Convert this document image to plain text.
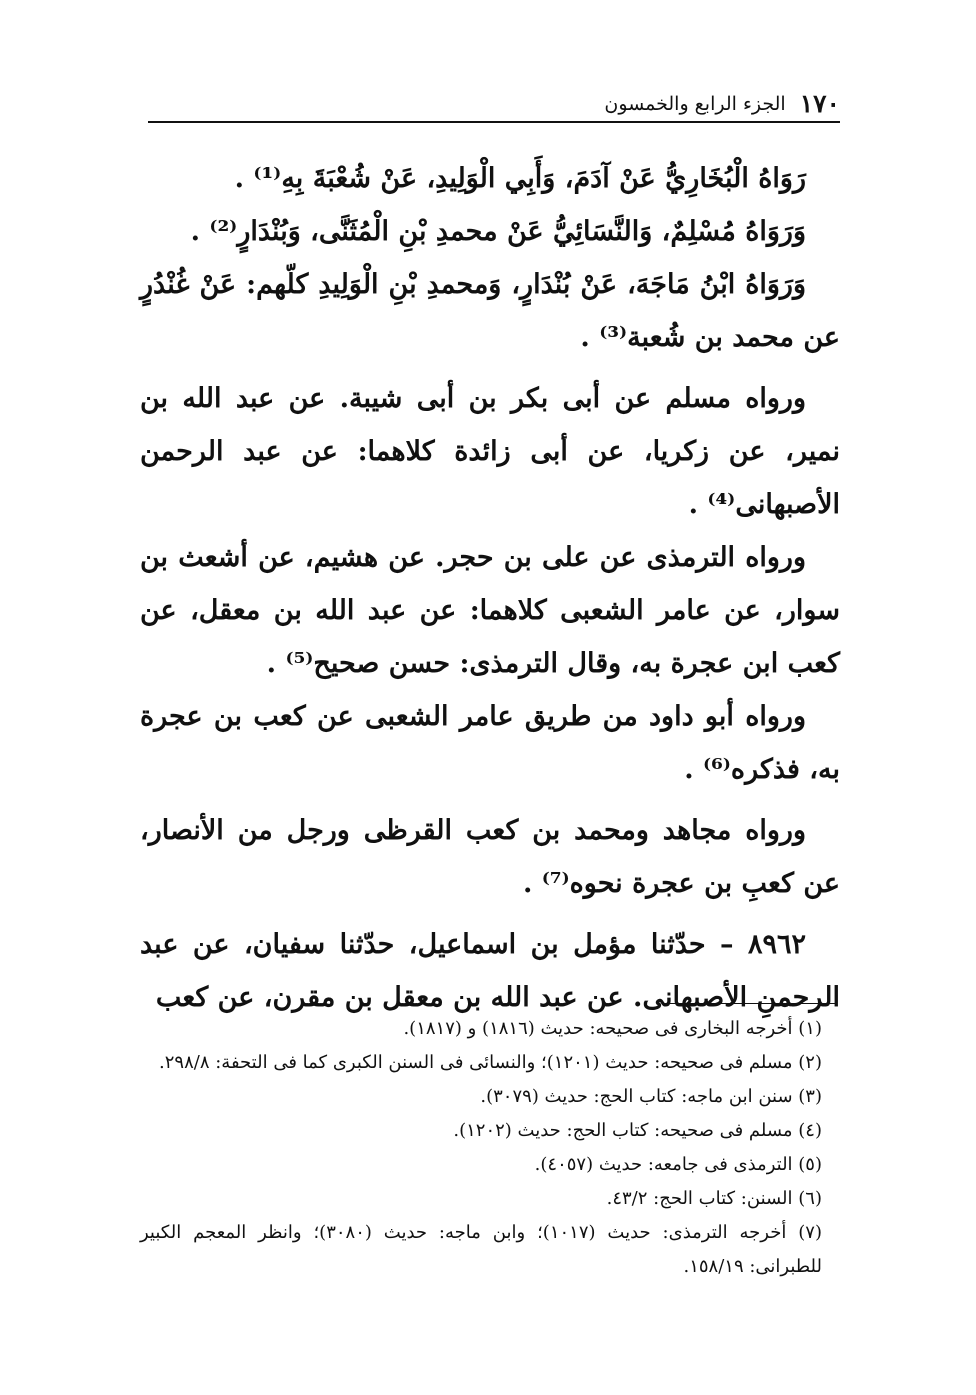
١٧٠
الجزء الرابع والخمسون

رَوَاهُ الْبُخَارِيُّ عَنْ آدَمَ، وَأَبِي الْوَلِيدِ، عَنْ شُعْبَةَ بِهِ⁽¹⁾ .

وَرَوَاهُ مُسْلِمٌ، وَالنَّسَائِيُّ عَنْ محمدِ بْنِ الْمُثَنَّى، وَبُنْدَارٍ⁽²⁾ .

وَرَوَاهُ ابْنُ مَاجَهَ، عَنْ بُنْدَارٍ، وَمحمدِ بْنِ الْوَلِيدِ كلّهم: عَنْ غُنْدُرٍ عن محمد بن شُعبة⁽³⁾ .

ورواه مسلم عن أبى بكر بن أبى شيبة. عن عبد الله بن نمير، عن زكريا، عن أبى زائدة كلاهما: عن عبد الرحمن الأصبهانى⁽⁴⁾ .

ورواه الترمذى عن على بن حجر. عن هشيم، عن أشعث بن سوار، عن عامر الشعبى كلاهما: عن عبد الله بن معقل، عن كعب ابن عجرة به، وقال الترمذى: حسن صحيح⁽⁵⁾ .

ورواه أبو داود من طريق عامر الشعبى عن كعب بن عجرة به، فذكره⁽⁶⁾ .

ورواه مجاهد ومحمد بن كعب القرظى ورجل من الأنصار، عن كعبِ بن عجرة نحوه⁽⁷⁾ .

٨٩٦٢ – حدّثنا مؤمل بن اسماعيل، حدّثنا سفيان، عن عبد الرحمنِ الأصبهانى. عن عبد الله بن معقل بن مقرن، عن كعب

(١) أخرجه البخارى فى صحيحه: حديث (١٨١٦) و (١٨١٧).

(٢) مسلم فى صحيحه: حديث (١٢٠١)؛ والنسائى فى السنن الكبرى كما فى التحفة: ٢٩٨/٨.

(٣) سنن ابن ماجه: كتاب الحج: حديث (٣٠٧٩).

(٤) مسلم فى صحيحه: كتاب الحج: حديث (١٢٠٢).

(٥) الترمذى فى جامعه: حديث (٤٠٥٧).

(٦) السنن: كتاب الحج: ٤٣/٢.

(٧) أخرجه الترمذى: حديث (١٠١٧)؛ وابن ماجه: حديث (٣٠٨٠)؛ وانظر المعجم الكبير للطبرانى: ١٥٨/١٩.
